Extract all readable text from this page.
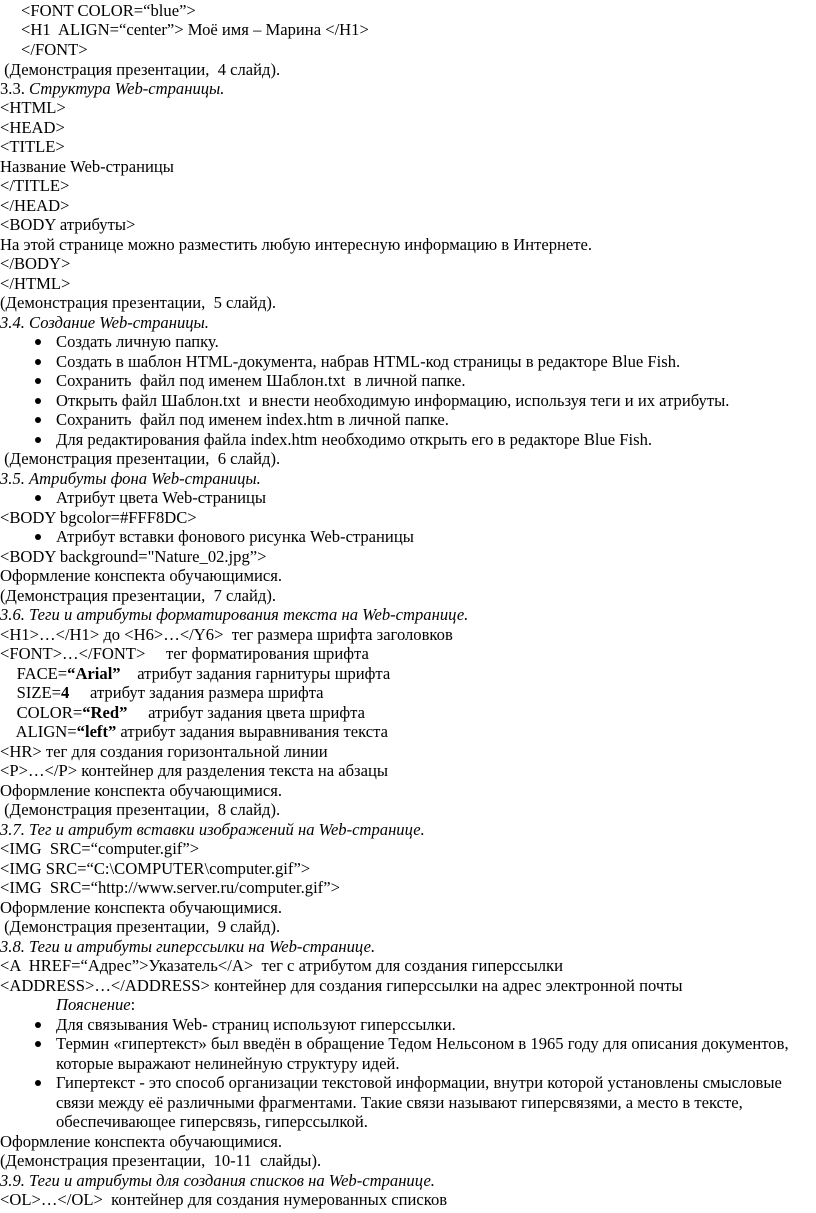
<FONT COLOR=“blue”>
<H1  ALIGN=“center”> Моё имя – Марина </H1>
</FONT>
(Демонстрация презентации,  4 слайд).
3.3. Структура Web-страницы.
<HTML>
<HEAD>
<TITLE>
Название Web-страницы
</TITLE>
</HEAD>
<BODY атрибуты>
На этой странице можно разместить любую интересную информацию в Интернете.
</BODY>
</HTML>
(Демонстрация презентации,  5 слайд).
3.4. Создание Web-страницы.
Создать личную папку.
Создать в шаблон HTML-документа, набрав HTML-код страницы в редакторе Blue Fish.
Сохранить  файл под именем Шаблон.txt  в личной папке.
Открыть файл Шаблон.txt  и внести необходимую информацию, используя теги и их атрибуты.
Сохранить  файл под именем index.htm в личной папке.
Для редактирования файла index.htm необходимо открыть его в редакторе Blue Fish.
(Демонстрация презентации,  6 слайд).
3.5. Атрибуты фона Web-страницы.
Атрибут цвета Web-страницы
<BODY bgcolor=#FFF8DC>
Атрибут вставки фонового рисунка Web-страницы
<BODY background="Nature_02.jpg”>
Оформление конспекта обучающимися.
(Демонстрация презентации,  7 слайд).
3.6. Теги и атрибуты форматирования текста на Web-странице.
<H1>…</H1> до <H6>…</Y6>  тег размера шрифта заголовков
<FONT>…</FONT>     тег форматирования шрифта
FACE=“Arial”    атрибут задания гарнитуры шрифта
SIZE=4     атрибут задания размера шрифта
COLOR=“Red”     атрибут задания цвета шрифта
ALIGN=“left” атрибут задания выравнивания текста
<HR> тег для создания горизонтальной линии
<P>…</P> контейнер для разделения текста на абзацы
Оформление конспекта обучающимися.
(Демонстрация презентации,  8 слайд).
3.7. Тег и атрибут вставки изображений на Web-странице.
<IMG  SRC=“computer.gif”>
<IMG SRC=“C:\COMPUTER\computer.gif”>
<IMG  SRC=“http://www.server.ru/computer.gif”>
Оформление конспекта обучающимися.
(Демонстрация презентации,  9 слайд).
3.8. Теги и атрибуты гиперссылки на Web-странице.
<A  HREF=“Адрес”>Указатель</A>  тег с атрибутом для создания гиперссылки
<ADDRESS>…</ADDRESS> контейнер для создания гиперссылки на адрес электронной почты
Пояснение:
Для связывания Web- страниц используют гиперссылки.
Термин «гипертекст» был введён в обращение Тедом Нельсоном в 1965 году для описания документов,
которые выражают нелинейную структуру идей.
Гипертекст - это способ организации текстовой информации, внутри которой установлены смысловые
связи между её различными фрагментами. Такие связи называют гиперсвязями, а место в тексте,
обеспечивающее гиперсвязь, гиперссылкой.
Оформление конспекта обучающимися.
(Демонстрация презентации,  10-11  слайды).
3.9. Теги и атрибуты для создания списков на Web-странице.
<OL>…</OL>  контейнер для создания нумерованных списков
